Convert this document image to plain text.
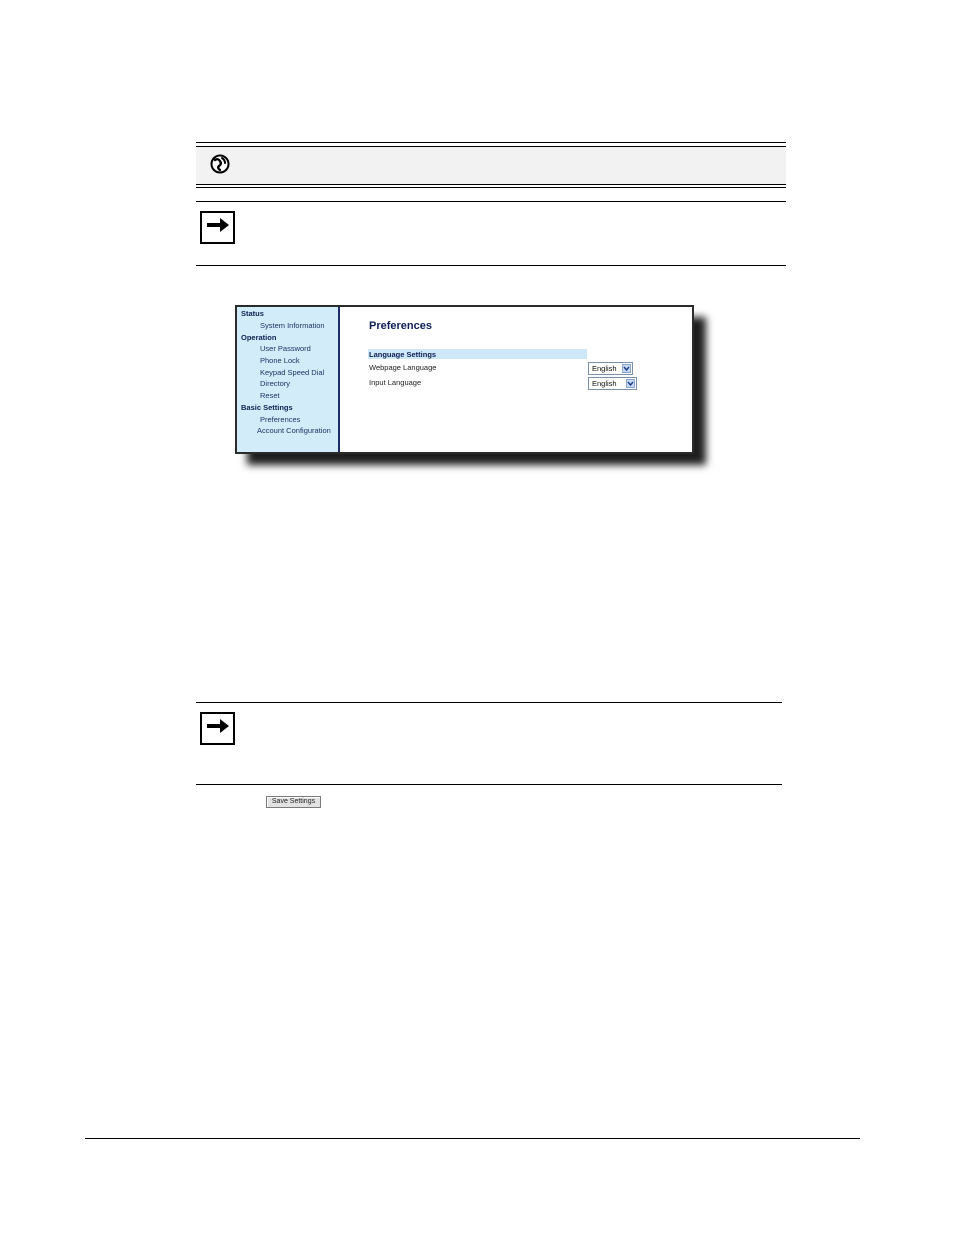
Status
System Information
Operation
User Password
Phone Lock
Keypad Speed Dial
Directory
Reset
Basic Settings
Preferences
Account Configuration
Preferences
Language Settings
Webpage Language	English
Input Language	English
Save Settings
